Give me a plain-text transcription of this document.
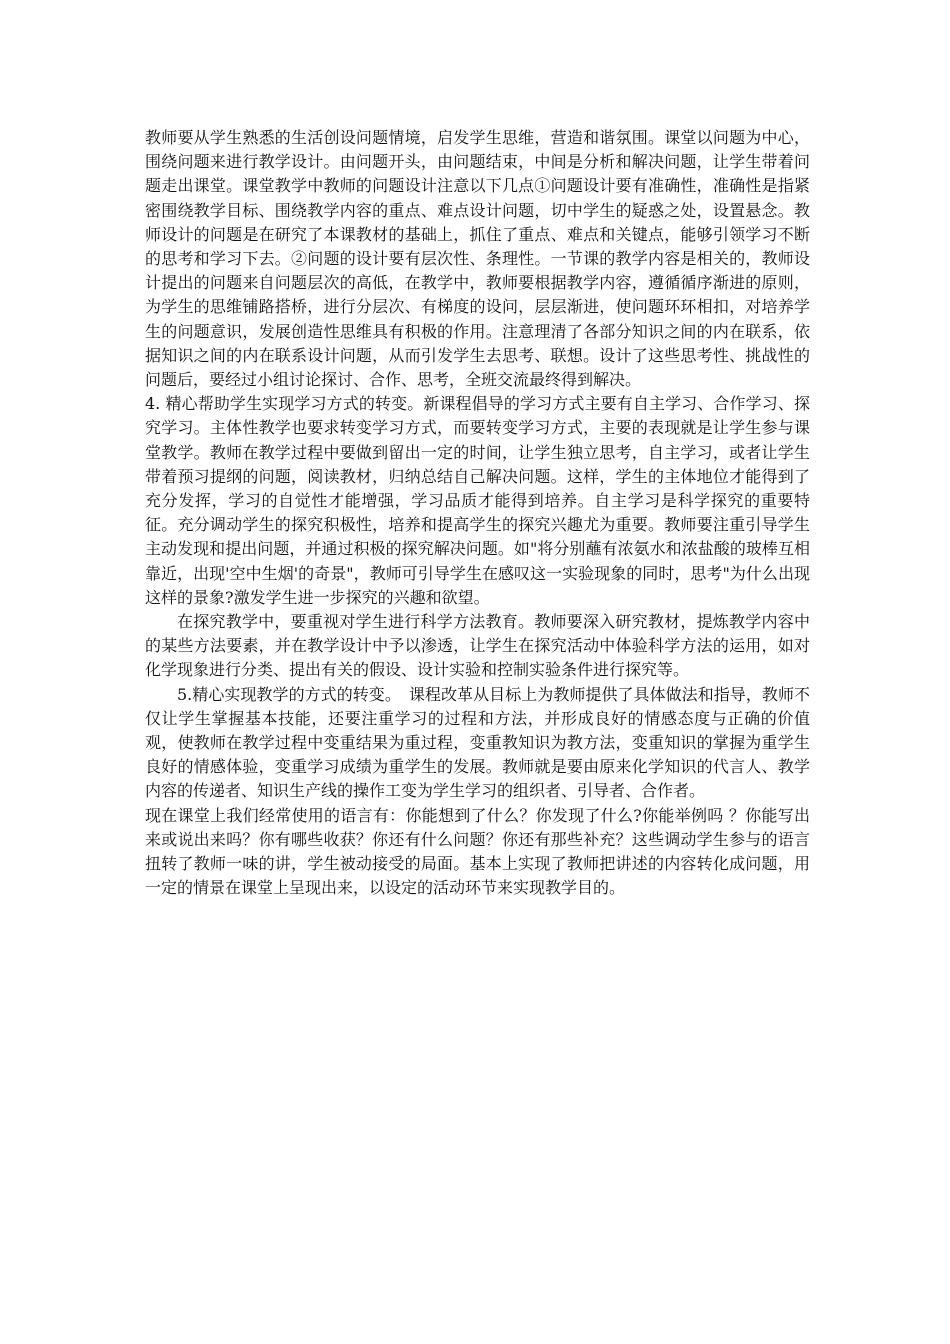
教师要从学生熟悉的生活创设问题情境，启发学生思维，营造和谐氛围。课堂以问题为中心，围绕问题来进行教学设计。由问题开头，由问题结束，中间是分析和解决问题，让学生带着问题走出课堂。课堂教学中教师的问题设计注意以下几点①问题设计要有准确性，准确性是指紧密围绕教学目标、围绕教学内容的重点、难点设计问题，切中学生的疑惑之处，设置悬念。教师设计的问题是在研究了本课教材的基础上，抓住了重点、难点和关键点，能够引领学习不断的思考和学习下去。②问题的设计要有层次性、条理性。一节课的教学内容是相关的，教师设计提出的问题来自问题层次的高低，在教学中，教师要根据教学内容，遵循循序渐进的原则，为学生的思维铺路搭桥，进行分层次、有梯度的设问，层层渐进，使问题环环相扣，对培养学生的问题意识，发展创造性思维具有积极的作用。注意理清了各部分知识之间的内在联系，依据知识之间的内在联系设计问题，从而引发学生去思考、联想。设计了这些思考性、挑战性的问题后，要经过小组讨论探讨、合作、思考，全班交流最终得到解决。

4. 精心帮助学生实现学习方式的转变。新课程倡导的学习方式主要有自主学习、合作学习、探究学习。主体性教学也要求转变学习方式，而要转变学习方式，主要的表现就是让学生参与课堂教学。教师在教学过程中要做到留出一定的时间，让学生独立思考，自主学习，或者让学生带着预习提纲的问题，阅读教材，归纳总结自己解决问题。这样，学生的主体地位才能得到了充分发挥，学习的自觉性才能增强，学习品质才能得到培养。自主学习是科学探究的重要特征。充分调动学生的探究积极性，培养和提高学生的探究兴趣尤为重要。教师要注重引导学生主动发现和提出问题，并通过积极的探究解决问题。如"将分别蘸有浓氨水和浓盐酸的玻棒互相靠近，出现'空中生烟'的奇景"，教师可引导学生在感叹这一实验现象的同时，思考"为什么出现这样的景象?激发学生进一步探究的兴趣和欲望。

在探究教学中，要重视对学生进行科学方法教育。教师要深入研究教材，提炼教学内容中的某些方法要素，并在教学设计中予以渗透，让学生在探究活动中体验科学方法的运用，如对化学现象进行分类、提出有关的假设、设计实验和控制实验条件进行探究等。

5.精心实现教学的方式的转变。　课程改革从目标上为教师提供了具体做法和指导，教师不仅让学生掌握基本技能，还要注重学习的过程和方法，并形成良好的情感态度与正确的价值观，使教师在教学过程中变重结果为重过程，变重教知识为教方法，变重知识的掌握为重学生良好的情感体验，变重学习成绩为重学生的发展。教师就是要由原来化学知识的代言人、教学内容的传递者、知识生产线的操作工变为学生学习的组织者、引导者、合作者。

现在课堂上我们经常使用的语言有：你能想到了什么？你发现了什么?你能举例吗 ？你能写出来或说出来吗？你有哪些收获？你还有什么问题？你还有那些补充？这些调动学生参与的语言扭转了教师一味的讲，学生被动接受的局面。基本上实现了教师把讲述的内容转化成问题，用一定的情景在课堂上呈现出来，以设定的活动环节来实现教学目的。
